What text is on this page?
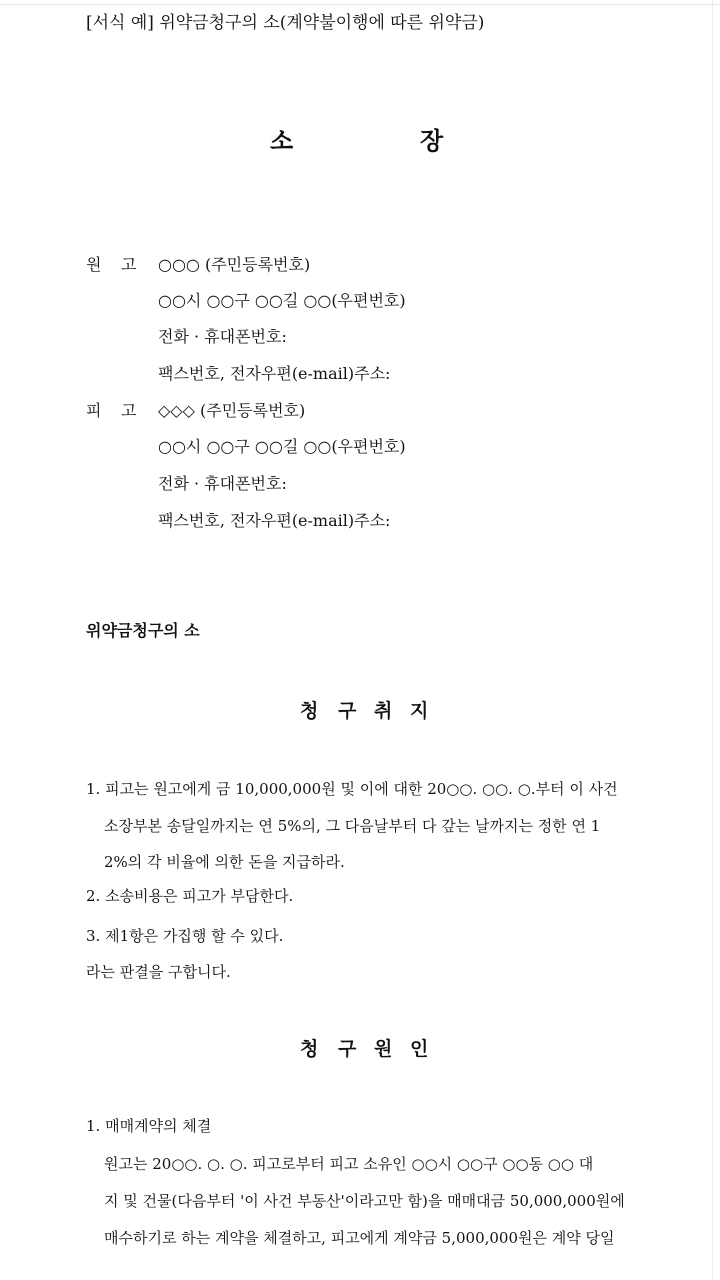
[서식 예] 위약금청구의 소(계약불이행에 따른 위약금)
소	장
원 고 ○○○ (주민등록번호)
○○시 ○○구 ○○길 ○○(우편번호)
전화 · 휴대폰번호:
팩스번호, 전자우편(e-mail)주소:
피 고 ◇◇◇ (주민등록번호)
○○시 ○○구 ○○길 ○○(우편번호)
전화 · 휴대폰번호:
팩스번호, 전자우편(e-mail)주소:
위약금청구의 소
청 구 취 지
1. 피고는 원고에게 금 10,000,000원 및 이에 대한 20○○. ○○. ○.부터 이 사건
소장부본 송달일까지는 연 5%의, 그 다음날부터 다 갚는 날까지는 정한 연 1
2%의 각 비율에 의한 돈을 지급하라.
2. 소송비용은 피고가 부담한다.
3. 제1항은 가집행 할 수 있다.
라는 판결을 구합니다.
청 구 원 인
1. 매매계약의 체결
원고는 20○○. ○. ○. 피고로부터 피고 소유인 ○○시 ○○구 ○○동 ○○ 대
지 및 건물(다음부터 '이 사건 부동산'이라고만 함)을 매매대금 50,000,000원에
매수하기로 하는 계약을 체결하고, 피고에게 계약금 5,000,000원은 계약 당일
